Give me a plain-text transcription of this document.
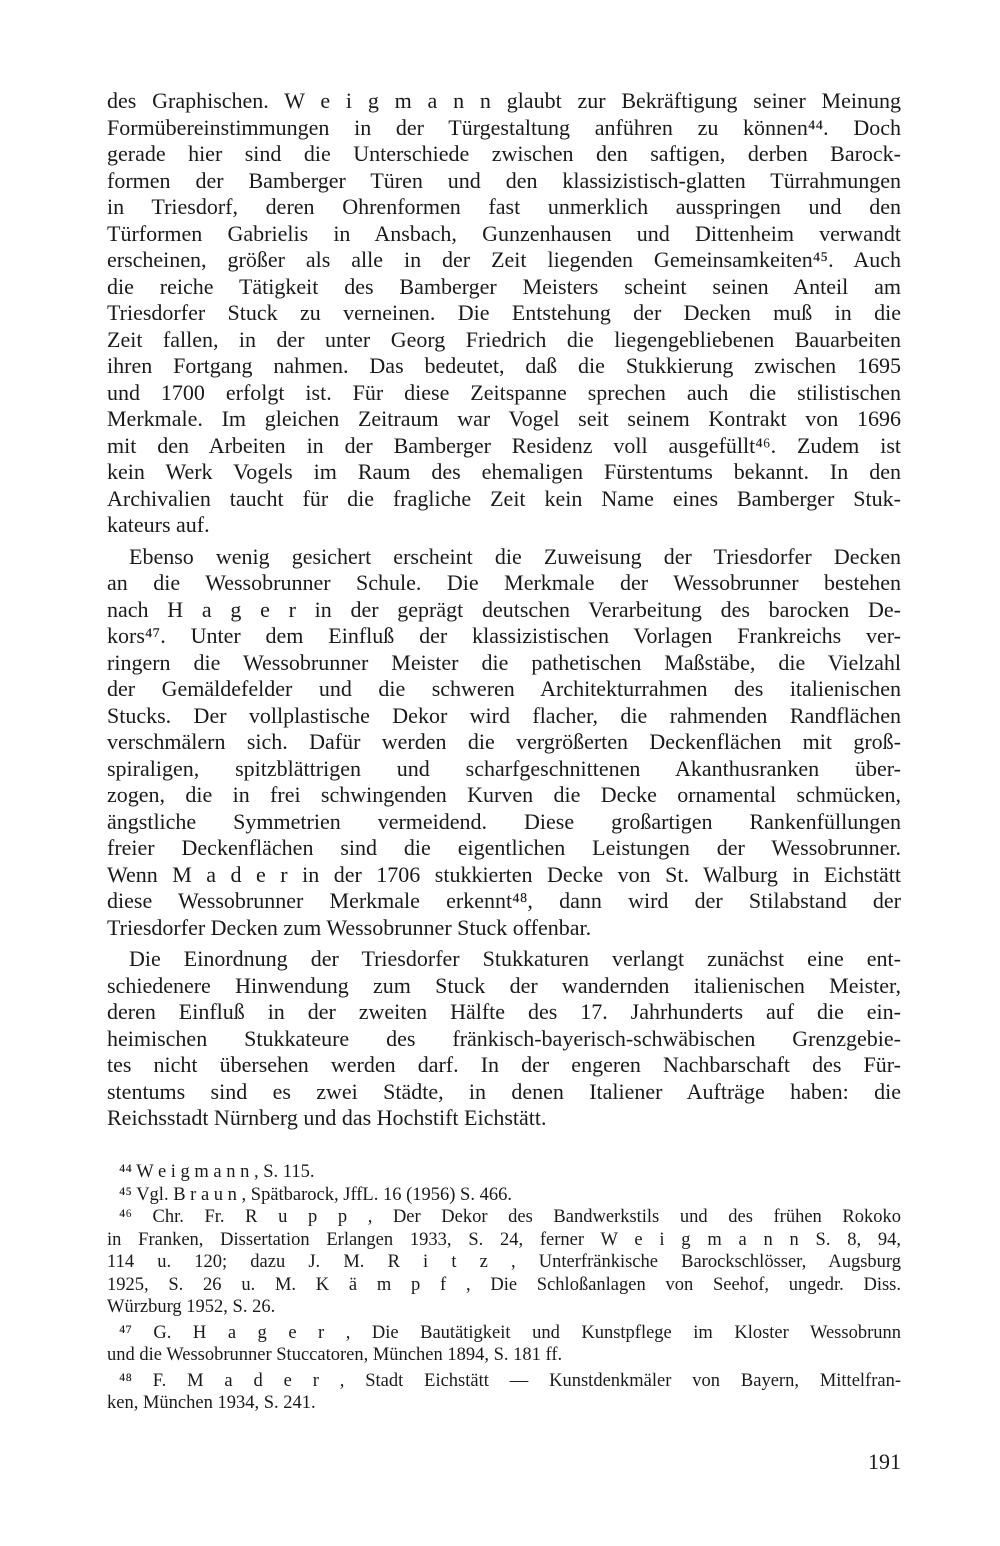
des Graphischen. W e i g m a n n glaubt zur Bekräftigung seiner Meinung
Formübereinstimmungen in der Türgestaltung anführen zu können⁴⁴. Doch
gerade hier sind die Unterschiede zwischen den saftigen, derben Barock-
formen der Bamberger Türen und den klassizistisch-glatten Türrahmungen
in Triesdorf, deren Ohrenformen fast unmerklich ausspringen und den
Türformen Gabrielis in Ansbach, Gunzenhausen und Dittenheim verwandt
erscheinen, größer als alle in der Zeit liegenden Gemeinsamkeiten⁴⁵. Auch
die reiche Tätigkeit des Bamberger Meisters scheint seinen Anteil am
Triesdorfer Stuck zu verneinen. Die Entstehung der Decken muß in die
Zeit fallen, in der unter Georg Friedrich die liegengebliebenen Bauarbeiten
ihren Fortgang nahmen. Das bedeutet, daß die Stukkierung zwischen 1695
und 1700 erfolgt ist. Für diese Zeitspanne sprechen auch die stilistischen
Merkmale. Im gleichen Zeitraum war Vogel seit seinem Kontrakt von 1696
mit den Arbeiten in der Bamberger Residenz voll ausgefüllt⁴⁶. Zudem ist
kein Werk Vogels im Raum des ehemaligen Fürstentums bekannt. In den
Archivalien taucht für die fragliche Zeit kein Name eines Bamberger Stuk-
kateurs auf.
Ebenso wenig gesichert erscheint die Zuweisung der Triesdorfer Decken
an die Wessobrunner Schule. Die Merkmale der Wessobrunner bestehen
nach H a g e r in der geprägt deutschen Verarbeitung des barocken De-
kors⁴⁷. Unter dem Einfluß der klassizistischen Vorlagen Frankreichs ver-
ringern die Wessobrunner Meister die pathetischen Maßstäbe, die Vielzahl
der Gemäldefelder und die schweren Architekturrahmen des italienischen
Stucks. Der vollplastische Dekor wird flacher, die rahmenden Randflächen
verschmälern sich. Dafür werden die vergrößerten Deckenflächen mit groß-
spiraligen, spitzblättrigen und scharfgeschnittenen Akanthusranken über-
zogen, die in frei schwingenden Kurven die Decke ornamental schmücken,
ängstliche Symmetrien vermeidend. Diese großartigen Rankenfüllungen
freier Deckenflächen sind die eigentlichen Leistungen der Wessobrunner.
Wenn M a d e r in der 1706 stukkierten Decke von St. Walburg in Eichstätt
diese Wessobrunner Merkmale erkennt⁴⁸, dann wird der Stilabstand der
Triesdorfer Decken zum Wessobrunner Stuck offenbar.
Die Einordnung der Triesdorfer Stukkaturen verlangt zunächst eine ent-
schiedenere Hinwendung zum Stuck der wandernden italienischen Meister,
deren Einfluß in der zweiten Hälfte des 17. Jahrhunderts auf die ein-
heimischen Stukkateure des fränkisch-bayerisch-schwäbischen Grenzgebie-
tes nicht übersehen werden darf. In der engeren Nachbarschaft des Für-
stentums sind es zwei Städte, in denen Italiener Aufträge haben: die
Reichsstadt Nürnberg und das Hochstift Eichstätt.
⁴⁴ W e i g m a n n , S. 115.
⁴⁵ Vgl. B r a u n , Spätbarock, JffL. 16 (1956) S. 466.
⁴⁶ Chr. Fr. R u p p , Der Dekor des Bandwerkstils und des frühen Rokoko
in Franken, Dissertation Erlangen 1933, S. 24, ferner W e i g m a n n S. 8, 94,
114 u. 120; dazu J. M. R i t z , Unterfränkische Barockschlösser, Augsburg
1925, S. 26 u. M. K ä m p f , Die Schloßanlagen von Seehof, ungedr. Diss.
Würzburg 1952, S. 26.
⁴⁷ G. H a g e r , Die Bautätigkeit und Kunstpflege im Kloster Wessobrunn
und die Wessobrunner Stuccatoren, München 1894, S. 181 ff.
⁴⁸ F. M a d e r , Stadt Eichstätt — Kunstdenkmäler von Bayern, Mittelfran-
ken, München 1934, S. 241.
191
